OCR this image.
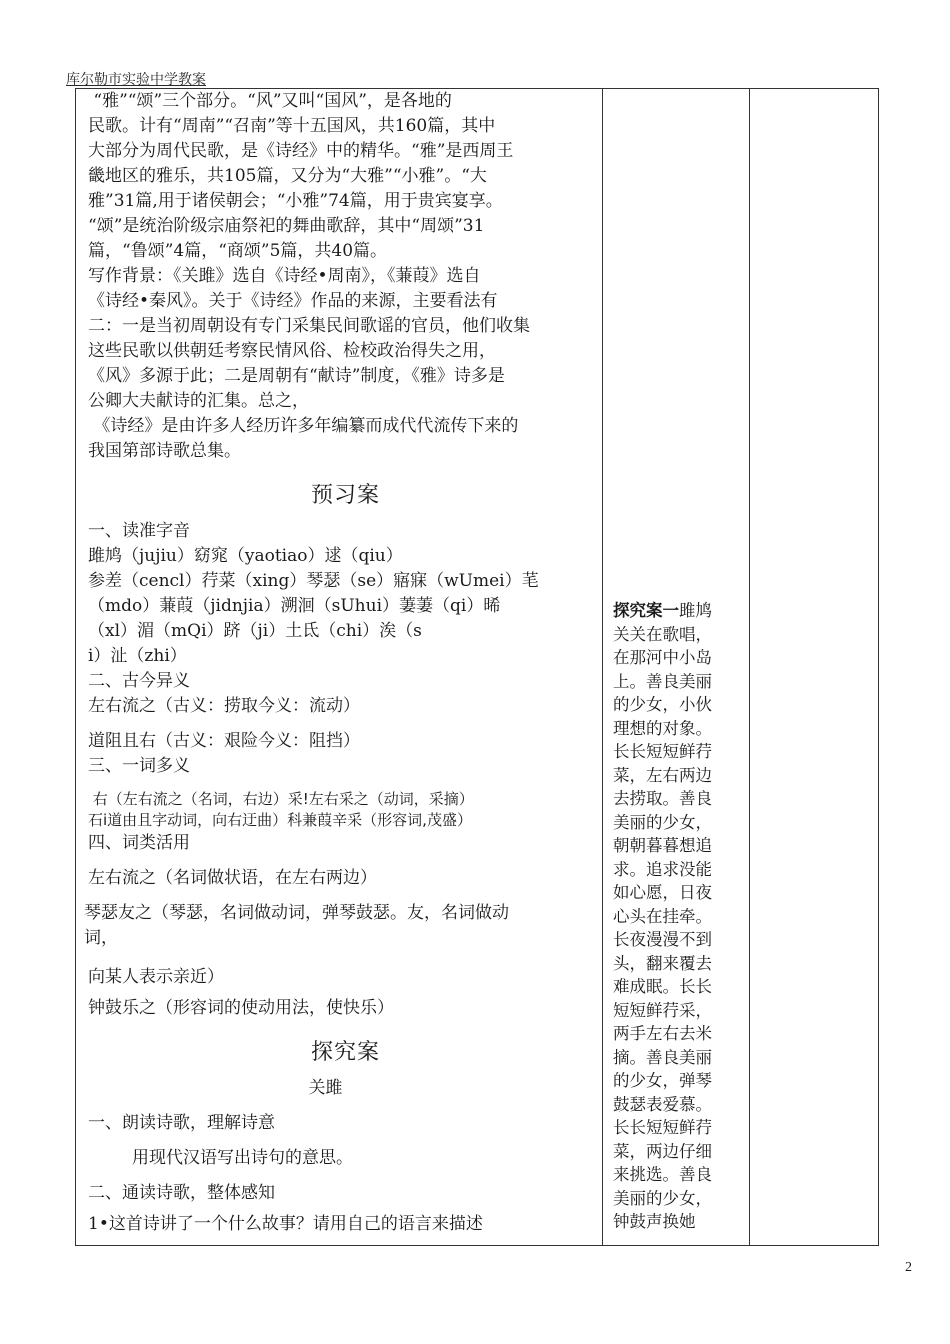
库尔勒市实验中学教案

“雅”“颂”三个部分。“风”又叫“国风”，是各地的

民歌。计有“周南”“召南”等十五国风，共160篇，其中

大部分为周代民歌，是《诗经》中的精华。“雅”是西周王

畿地区的雅乐，共105篇，又分为“大雅”“小雅”。“大

雅”31篇,用于诸侯朝会；“小雅”74篇，用于贵宾宴享。

“颂”是统治阶级宗庙祭祀的舞曲歌辞，其中“周颂”31

篇，“鲁颂”4篇，“商颂”5篇，共40篇。

写作背景：《关雎》选自《诗经•周南》，《蒹葭》选自

《诗经•秦风》。关于《诗经》作品的来源，主要看法有

二：一是当初周朝设有专门采集民间歌谣的官员，他们收集

这些民歌以供朝廷考察民情风俗、检校政治得失之用，

《风》多源于此；二是周朝有“献诗”制度，《雅》诗多是

公卿大夫献诗的汇集。总之，

《诗经》是由许多人经历许多年编纂而成代代流传下来的

我国第部诗歌总集。

预习案

一、读准字音

雎鸠（jujiu）窈窕（yaotiao）逑（qiu）

参差（cencl）荇菜（xing）琴瑟（se）寤寐（wUmei）芼

（mdo）蒹葭（jidnjia）溯洄（sUhui）萋萋（qi）晞

（xl）湄（mQi）跻（ji）土氐（chi）涘（s

i）沚（zhi）

二、古今异义

左右流之（古义：捞取今义：流动）

道阻且右（古义：艰险今义：阻挡）

三、一词多义

右（左右流之（名词，右边）采!左右采之（动词，采摘）

石i道由且字动词，向右迂曲）科兼葭辛采（形容词,茂盛）

四、词类活用

左右流之（名词做状语，在左右两边）

琴瑟友之（琴瑟，名词做动词，弹琴鼓瑟。友，名词做动

词，

向某人表示亲近）

钟鼓乐之（形容词的使动用法，使快乐）

探究案

关雎

一、朗读诗歌，理解诗意

用现代汉语写出诗句的意思。

二、通读诗歌，整体感知

1•这首诗讲了一个什么故事？请用自己的语言来描述

探究案一雎鸠

关关在歌唱，

在那河中小岛

上。善良美丽

的少女，小伙

理想的对象。

长长短短鲜荇

菜，左右两边

去捞取。善良

美丽的少女，

朝朝暮暮想追

求。追求没能

如心愿，日夜

心头在挂牵。

长夜漫漫不到

头，翻来覆去

难成眠。长长

短短鲜荇采，

两手左右去米

摘。善良美丽

的少女，弹琴

鼓瑟表爱慕。

长长短短鲜荇

菜，两边仔细

来挑选。善良

美丽的少女，

钟鼓声换她

2
